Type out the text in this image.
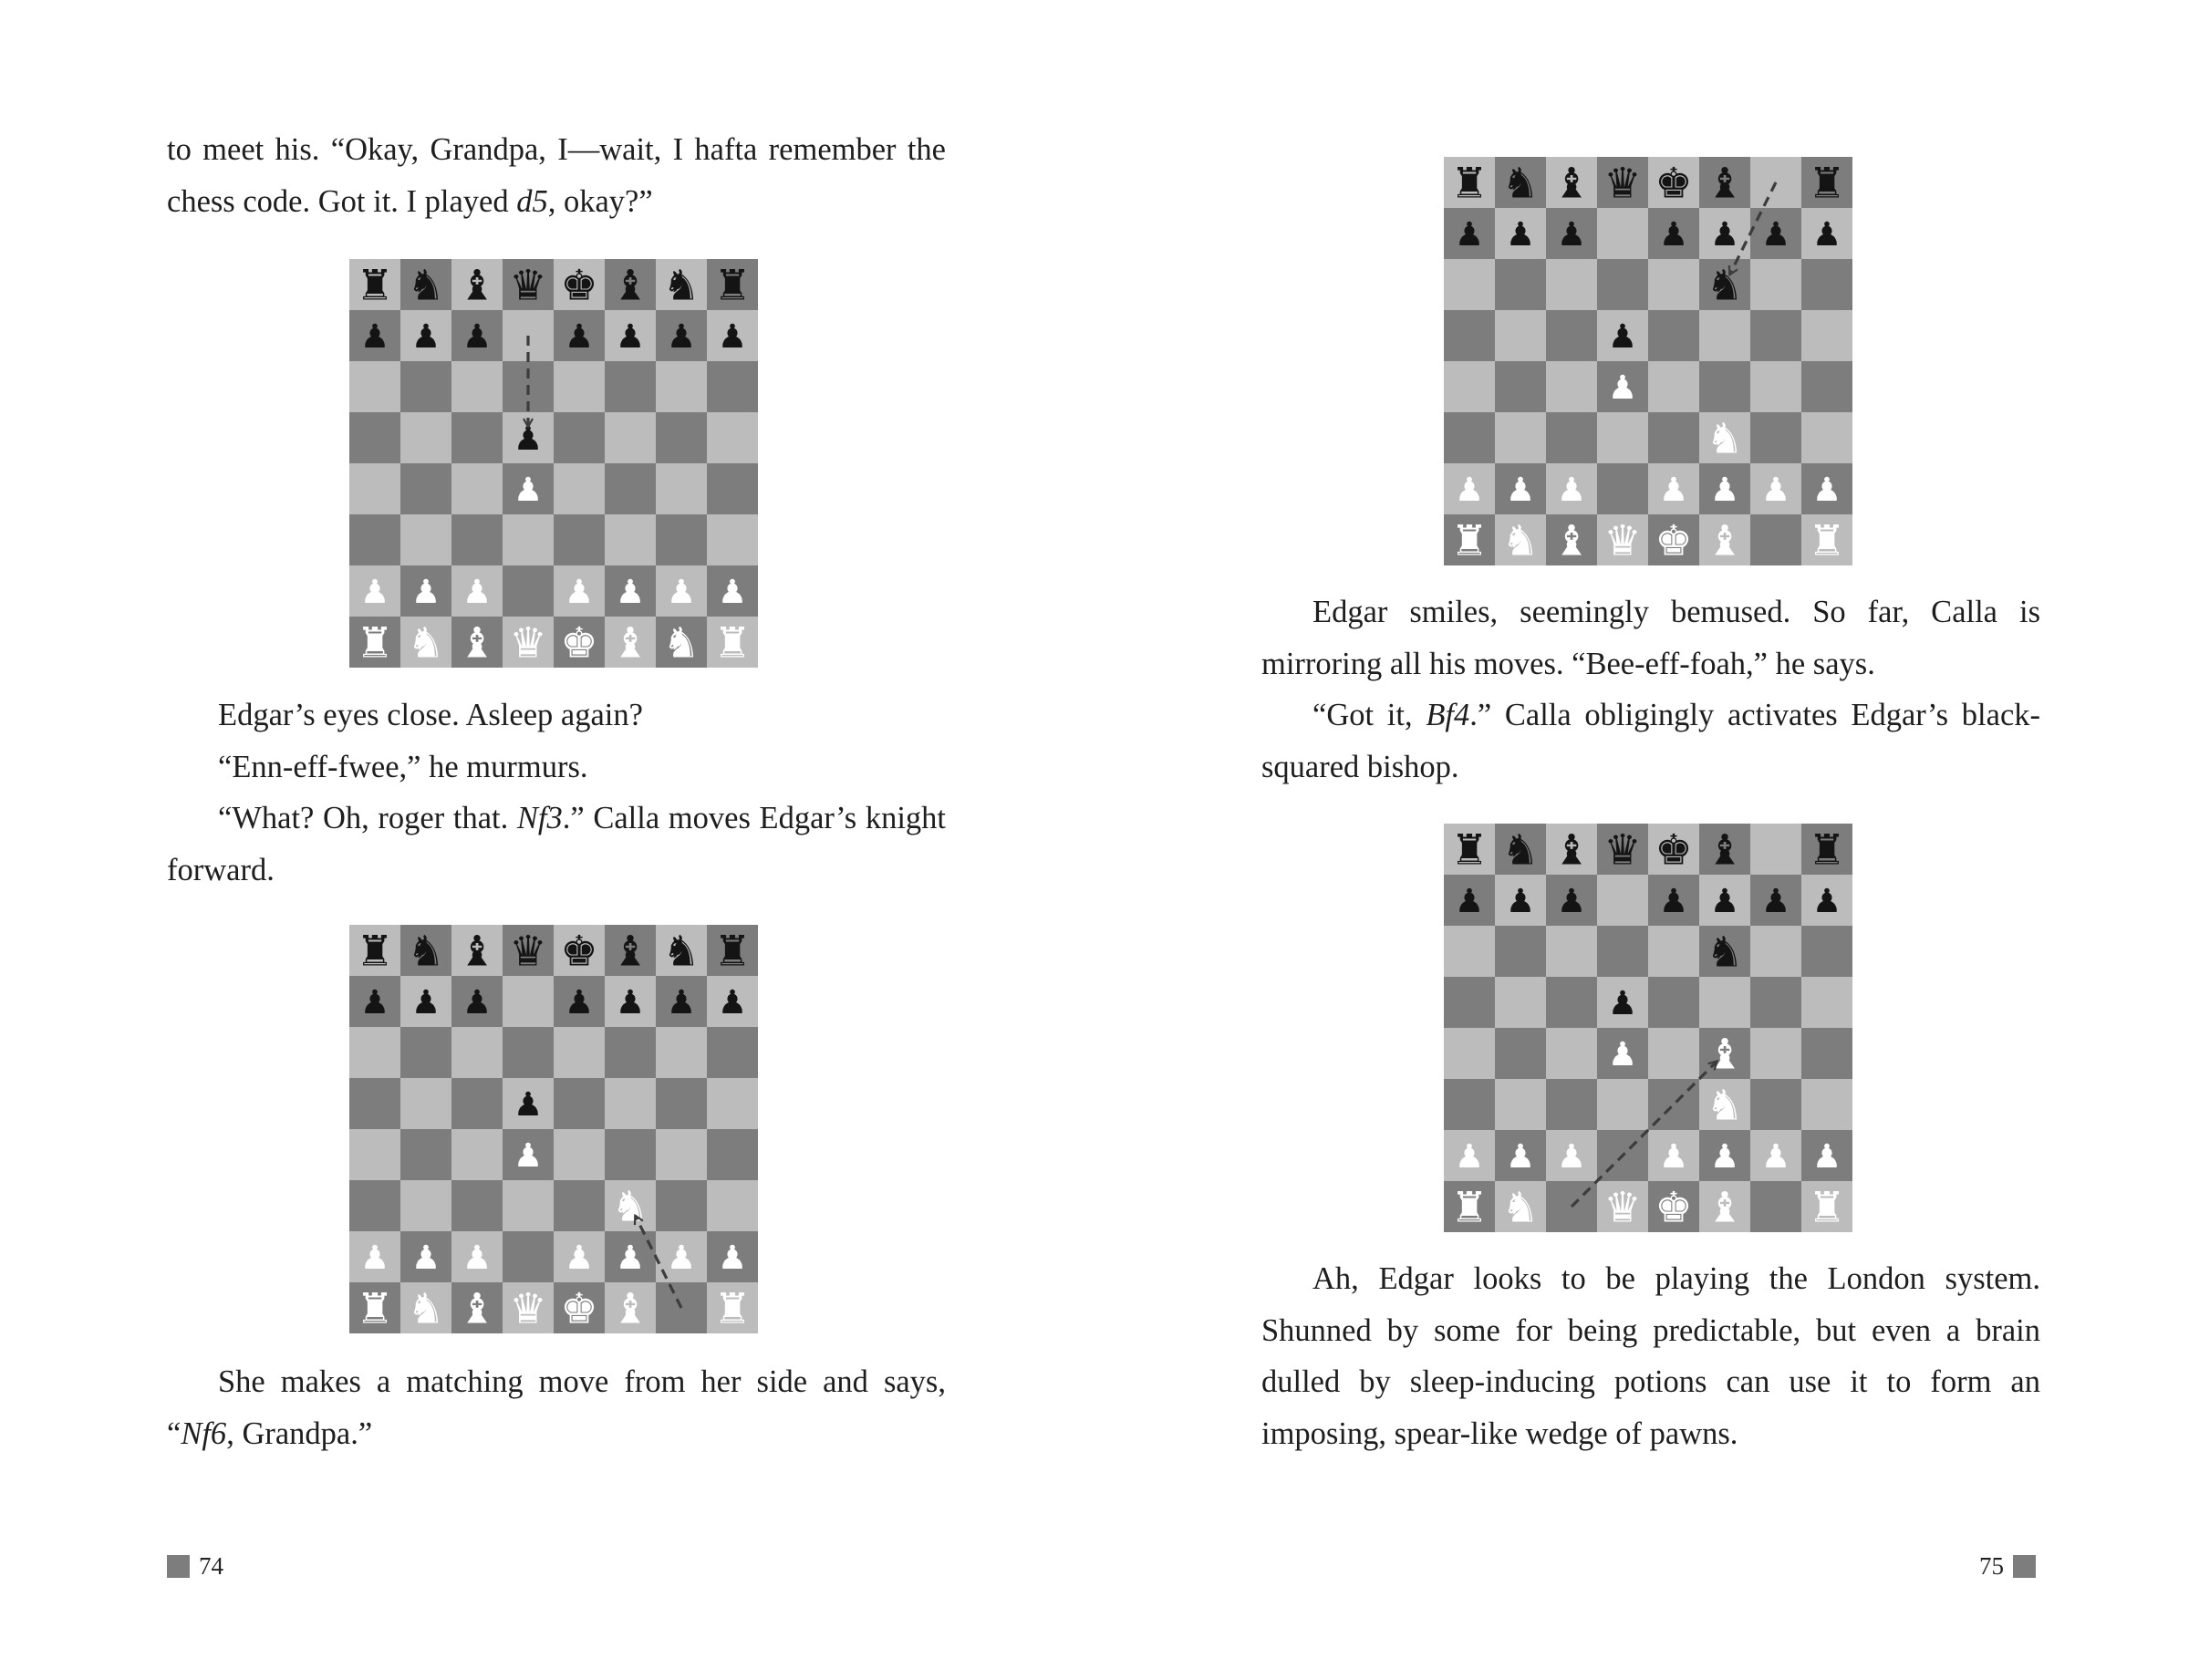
to meet his. “Okay, Grandpa, I—wait, I hafta remember the chess code. Got it. I played d5, okay?”

♜ ♞ ♝ ♛ ♚ ♝ ♞ ♜
♟ ♟ ♟ ♟ ♟ ♟ ♟
♟
♟
♟ ♟ ♟ ♟ ♟ ♟ ♟
♜ ♞ ♝ ♛ ♚ ♝ ♞ ♜

Edgar’s eyes close. Asleep again?

“Enn-eff-fwee,” he murmurs.

“What? Oh, roger that. Nf3.” Calla moves Edgar’s knight forward.

♜ ♞ ♝ ♛ ♚ ♝ ♞ ♜
♟ ♟ ♟ ♟ ♟ ♟ ♟
♟
♟
♞
♟ ♟ ♟ ♟ ♟ ♟ ♟
♜ ♞ ♝ ♛ ♚ ♝ ♜

She makes a matching move from her side and says, “Nf6, Grandpa.”

74
♜ ♞ ♝ ♛ ♚ ♝ ♜
♟ ♟ ♟ ♟ ♟ ♟ ♟
♞
♟
♟
♞
♟ ♟ ♟ ♟ ♟ ♟ ♟
♜ ♞ ♝ ♛ ♚ ♝ ♜

Edgar smiles, seemingly bemused. So far, Calla is mirroring all his moves. “Bee-eff-foah,” he says.

“Got it, Bf4.” Calla obligingly activates Edgar’s black-squared bishop.

♜ ♞ ♝ ♛ ♚ ♝ ♜
♟ ♟ ♟ ♟ ♟ ♟ ♟
♞
♟
♟ ♝
♞
♟ ♟ ♟ ♟ ♟ ♟ ♟
♜ ♞ ♛ ♚ ♝ ♜

Ah, Edgar looks to be playing the London system. Shunned by some for being predictable, but even a brain dulled by sleep-inducing potions can use it to form an imposing, spear-like wedge of pawns.

75
